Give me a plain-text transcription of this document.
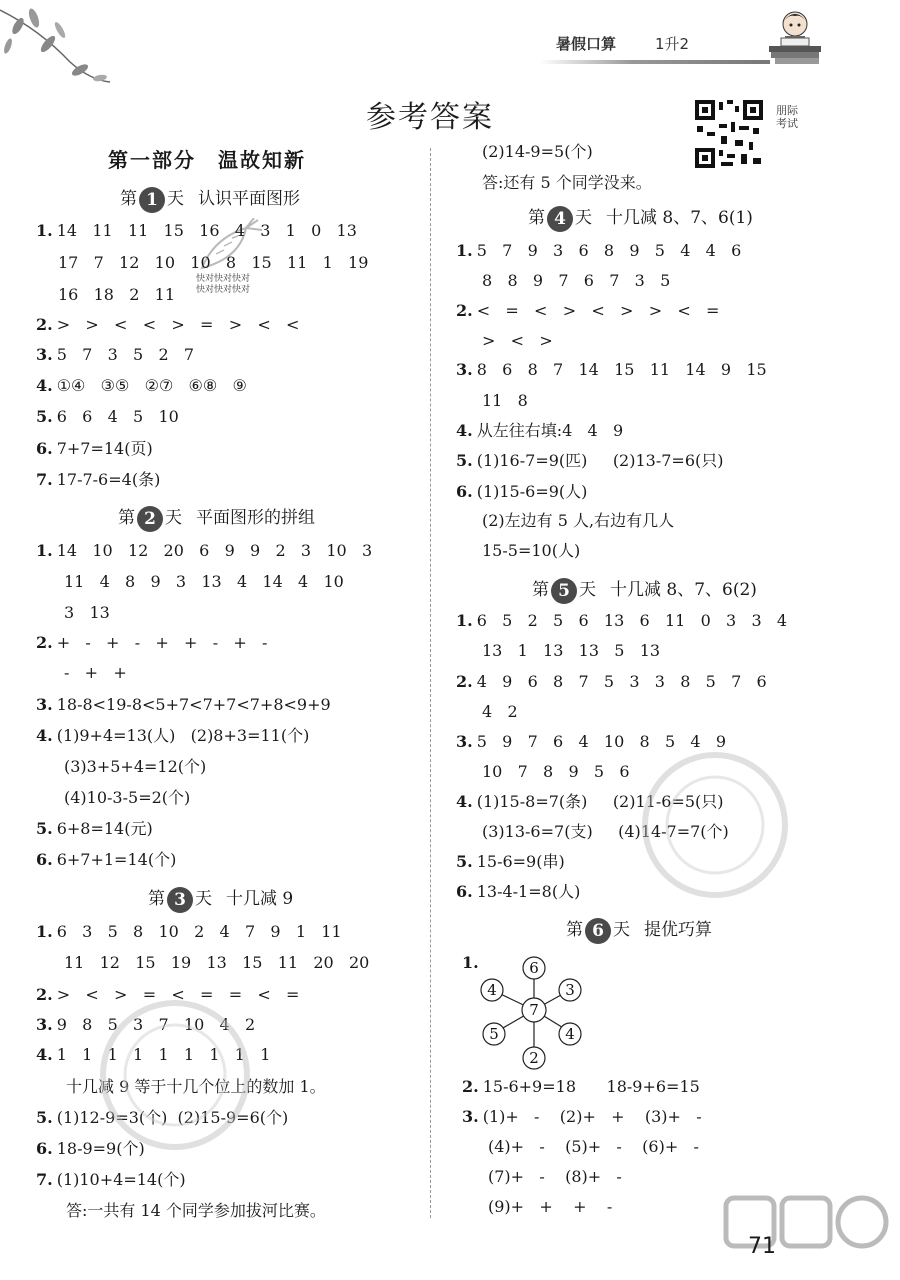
暑假口算	1升2
参考答案	朋际考试
第一部分　温故知新
快对快对快对
快对快对快对
第 1 天 认识平面图形
第 2 天 平面图形的拼组
第 3 天 十几减 9
第 4 天 十几减 8、7、6(1)
第 5 天 十几减 8、7、6(2)
第 6 天 提优巧算
1. 14   11   11   15   16   4   3   1   0   13
17   7   12   10   10   8   15   11   1   19
16   18   2   11
2. >   >   <   <   >   =   >   <   <
3. 5   7   3   5   2   7
4. ①④   ③⑤   ②⑦   ⑥⑧   ⑨
5. 6   6   4   5   10
6. 7+7=14(页)
7. 17-7-6=4(条)
1. 14   10   12   20   6   9   9   2   3   10   3
11   4   8   9   3   13   4   14   4   10
3   13
2. +   -   +   -   +   +   -   +   -
-   +   +
3. 18-8<19-8<5+7<7+7<7+8<9+9
4. (1)9+4=13(人)   (2)8+3=11(个)
(3)3+5+4=12(个)
(4)10-3-5=2(个)
5. 6+8=14(元)
6. 6+7+1=14(个)
1. 6   3   5   8   10   2   4   7   9   1   11
11   12   15   19   13   15   11   20   20
2. >   <   >   =   <   =   =   <   =
3. 9   8   5   3   7   10   4   2
4. 1   1   1   1   1   1   1   1   1
十几减 9 等于十几个位上的数加 1。
5. (1)12-9=3(个)  (2)15-9=6(个)
6. 18-9=9(个)
7. (1)10+4=14(个)
答:一共有 14 个同学参加拔河比赛。
(2)14-9=5(个)
答:还有 5 个同学没来。
1. 5   7   9   3   6   8   9   5   4   4   6
8   8   9   7   6   7   3   5
2. <   =   <   >   <   >   >   <   =
>   <   >
3. 8   6   8   7   14   15   11   14   9   15
11   8
4. 从左往右填:4   4   9
5. (1)16-7=9(匹)     (2)13-7=6(只)
6. (1)15-6=9(人)
(2)左边有 5 人,右边有几人
15-5=10(人)
1. 6   5   2   5   6   13   6   11   0   3   3   4
13   1   13   13   5   13
2. 4   9   6   8   7   5   3   3   8   5   7   6
4   2
3. 5   9   7   6   4   10   8   5   4   9
10   7   8   9   5   6
4. (1)15-8=7(条)     (2)11-6=5(只)
(3)13-6=7(支)     (4)14-7=7(个)
5. 15-6=9(串)
6. 13-4-1=8(人)
1.	6
4	3
7
5	4
2
2. 15-6+9=18      18-9+6=15
3. (1)+   -    (2)+   +    (3)+   -
(4)+   -    (5)+   -    (6)+   -
(7)+   -    (8)+   -
(9)+   +    +    -
71
